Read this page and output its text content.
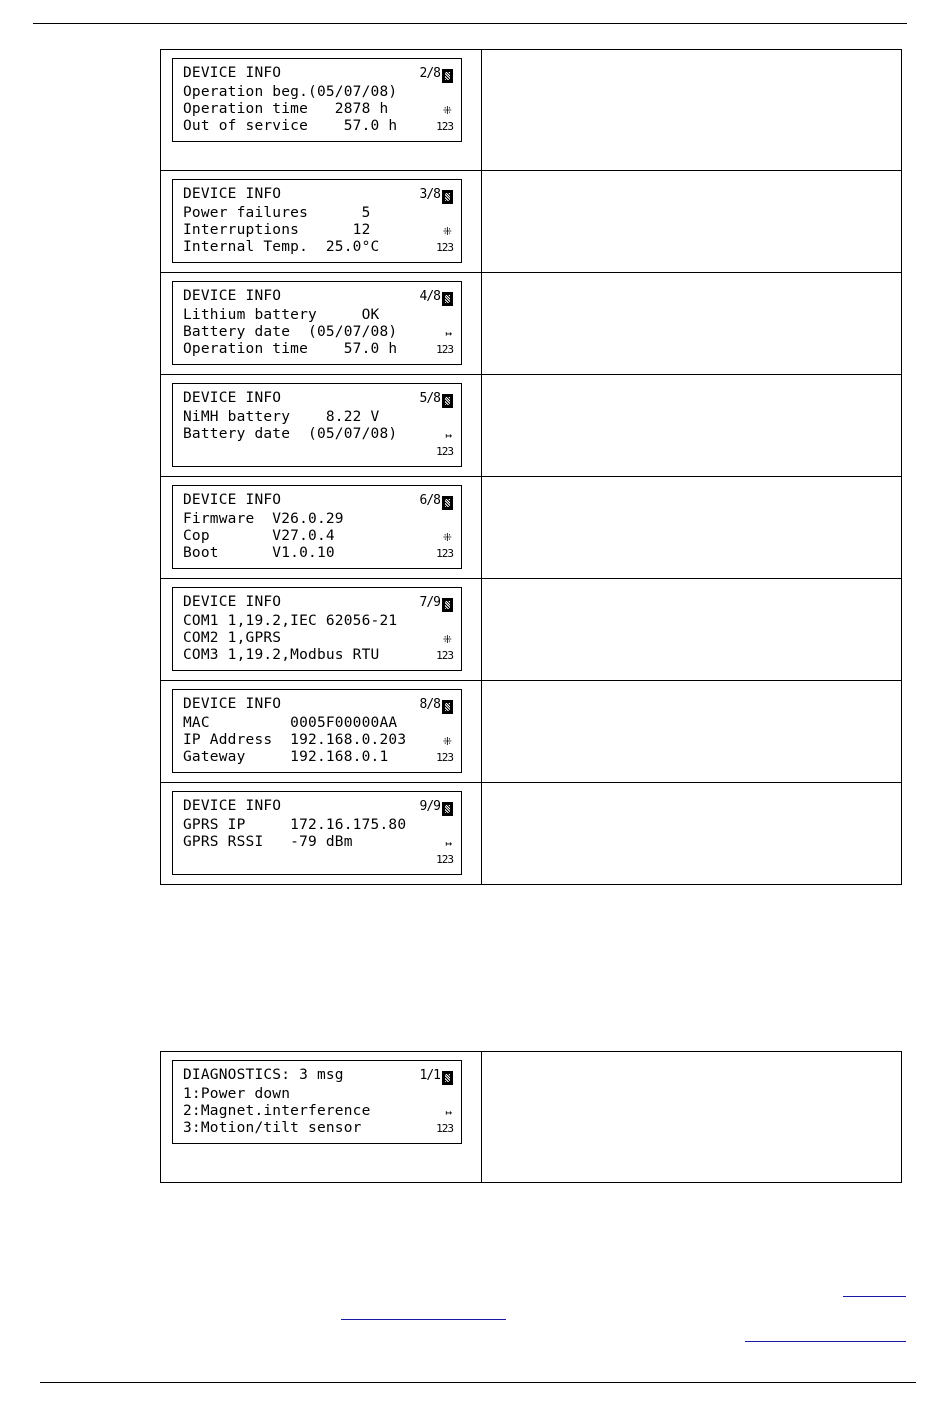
DEVICE INFO
Operation beg.(05/07/08)
Operation time   2878 h
Out of service    57.0 h
2/8
⁜
123
DEVICE INFO
Power failures      5
Interruptions      12
Internal Temp.  25.0°C
3/8
⁜
123
DEVICE INFO
Lithium battery     OK
Battery date  (05/07/08)
Operation time    57.0 h
4/8
↦
123
DEVICE INFO
NiMH battery    8.22 V
Battery date  (05/07/08)
5/8
↦
123
DEVICE INFO
Firmware  V26.0.29
Cop       V27.0.4
Boot      V1.0.10
6/8
⁜
123
DEVICE INFO
COM1 1,19.2,IEC 62056-21
COM2 1,GPRS
COM3 1,19.2,Modbus RTU
7/9
⁜
123
DEVICE INFO
MAC         0005F00000AA
IP Address  192.168.0.203
Gateway     192.168.0.1
8/8
⁜
123
DEVICE INFO
GPRS IP     172.16.175.80
GPRS RSSI   -79 dBm
9/9
↦
123
DIAGNOSTICS: 3 msg
1:Power down
2:Magnet.interference
3:Motion/tilt sensor
1/1
↦
123
